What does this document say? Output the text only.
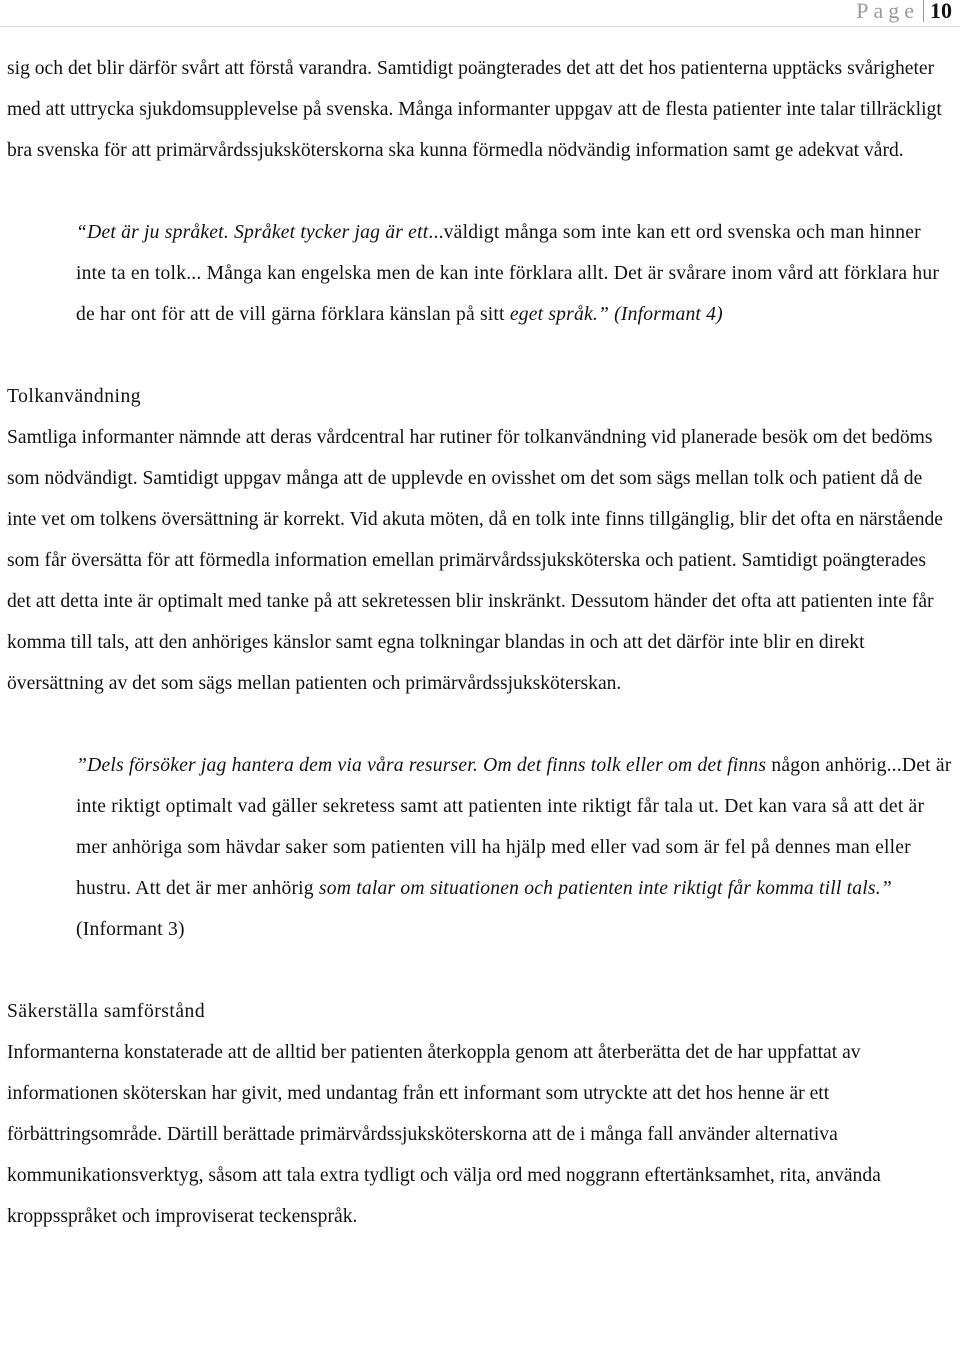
Page 10

sig och det blir därför svårt att förstå varandra. Samtidigt poängterades det att det hos patienterna upptäcks svårigheter med att uttrycka sjukdomsupplevelse på svenska. Många informanter uppgav att de flesta patienter inte talar tillräckligt bra svenska för att primärvårdssjuksköterskorna ska kunna förmedla nödvändig information samt ge adekvat vård.

“Det är ju språket. Språket tycker jag är ett...väldigt många som inte kan ett ord svenska och man hinner inte ta en tolk... Många kan engelska men de kan inte förklara allt. Det är svårare inom vård att förklara hur de har ont för att de vill gärna förklara känslan på sitt eget språk.” (Informant 4)

Tolkanvändning

Samtliga informanter nämnde att deras vårdcentral har rutiner för tolkanvändning vid planerade besök om det bedöms som nödvändigt. Samtidigt uppgav många att de upplevde en ovisshet om det som sägs mellan tolk och patient då de inte vet om tolkens översättning är korrekt. Vid akuta möten, då en tolk inte finns tillgänglig, blir det ofta en närstående som får översätta för att förmedla information emellan primärvårdssjuksköterska och patient. Samtidigt poängterades det att detta inte är optimalt med tanke på att sekretessen blir inskränkt. Dessutom händer det ofta att patienten inte får komma till tals, att den anhöriges känslor samt egna tolkningar blandas in och att det därför inte blir en direkt översättning av det som sägs mellan patienten och primärvårdssjuksköterskan.

”Dels försöker jag hantera dem via våra resurser. Om det finns tolk eller om det finns någon anhörig...Det är inte riktigt optimalt vad gäller sekretess samt att patienten inte riktigt får tala ut. Det kan vara så att det är mer anhöriga som hävdar saker som patienten vill ha hjälp med eller vad som är fel på dennes man eller hustru. Att det är mer anhörig som talar om situationen och patienten inte riktigt får komma till tals.” (Informant 3)

Säkerställa samförstånd

Informanterna konstaterade att de alltid ber patienten återkoppla genom att återberätta det de har uppfattat av informationen sköterskan har givit, med undantag från ett informant som utryckte att det hos henne är ett förbättringsområde. Därtill berättade primärvårdssjuksköterskorna att de i många fall använder alternativa kommunikationsverktyg, såsom att tala extra tydligt och välja ord med noggrann eftertänksamhet, rita, använda kroppsspråket och improviserat teckenspråk.
